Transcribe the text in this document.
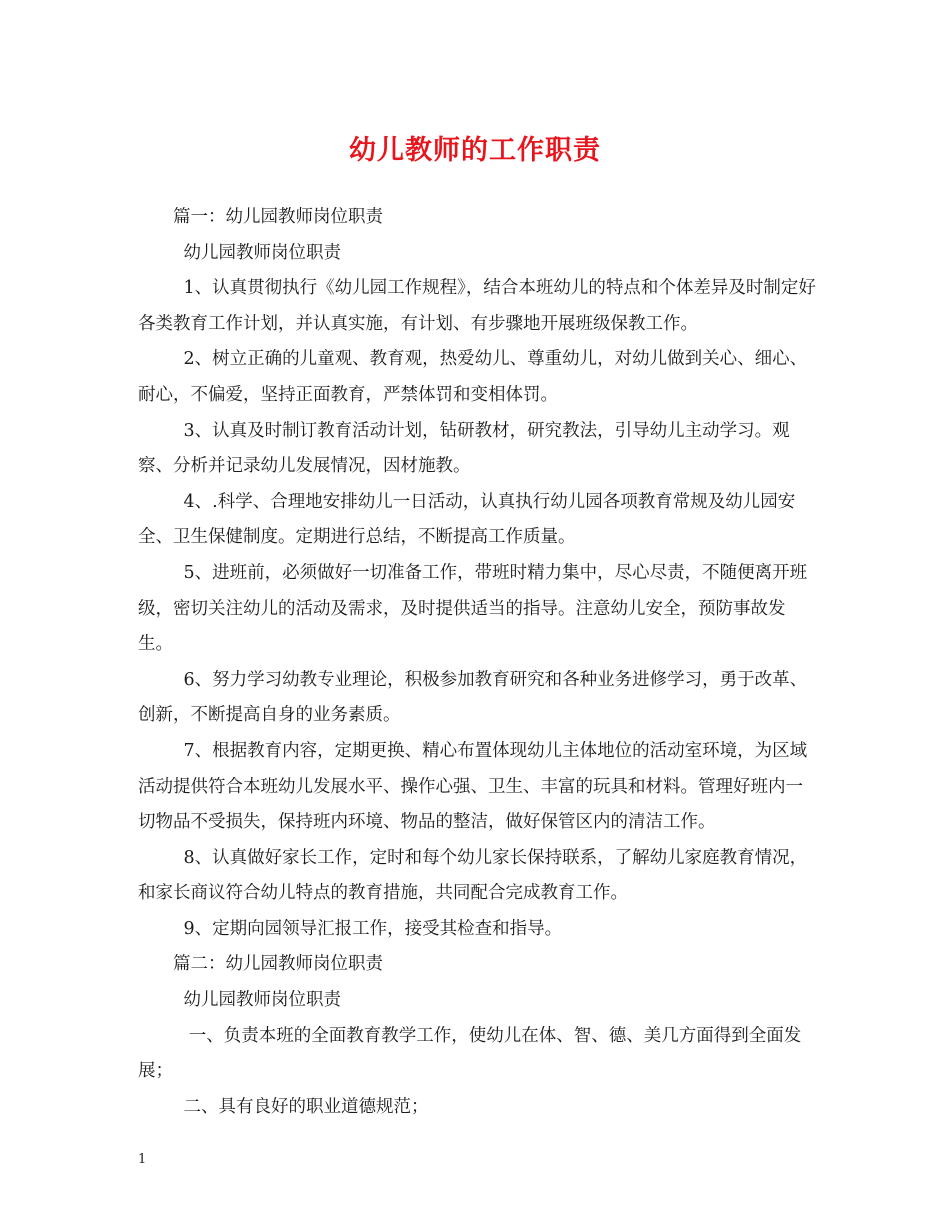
幼儿教师的工作职责

篇一：幼儿园教师岗位职责

幼儿园教师岗位职责

1、认真贯彻执行《幼儿园工作规程》，结合本班幼儿的特点和个体差异及时制定好各类教育工作计划，并认真实施，有计划、有步骤地开展班级保教工作。

2、树立正确的儿童观、教育观，热爱幼儿、尊重幼儿，对幼儿做到关心、细心、耐心，不偏爱，坚持正面教育，严禁体罚和变相体罚。

3、认真及时制订教育活动计划，钻研教材，研究教法，引导幼儿主动学习。观察、分析并记录幼儿发展情况，因材施教。

4、.科学、合理地安排幼儿一日活动，认真执行幼儿园各项教育常规及幼儿园安全、卫生保健制度。定期进行总结，不断提高工作质量。

5、进班前，必须做好一切准备工作，带班时精力集中，尽心尽责，不随便离开班级，密切关注幼儿的活动及需求，及时提供适当的指导。注意幼儿安全，预防事故发生。

6、努力学习幼教专业理论，积极参加教育研究和各种业务进修学习，勇于改革、创新，不断提高自身的业务素质。

7、根据教育内容，定期更换、精心布置体现幼儿主体地位的活动室环境，为区域活动提供符合本班幼儿发展水平、操作心强、卫生、丰富的玩具和材料。管理好班内一切物品不受损失，保持班内环境、物品的整洁，做好保管区内的清洁工作。

8、认真做好家长工作，定时和每个幼儿家长保持联系，了解幼儿家庭教育情况，和家长商议符合幼儿特点的教育措施，共同配合完成教育工作。

9、定期向园领导汇报工作，接受其检查和指导。

篇二：幼儿园教师岗位职责

幼儿园教师岗位职责

一、负责本班的全面教育教学工作，使幼儿在体、智、德、美几方面得到全面发展；

二、具有良好的职业道德规范；

1
